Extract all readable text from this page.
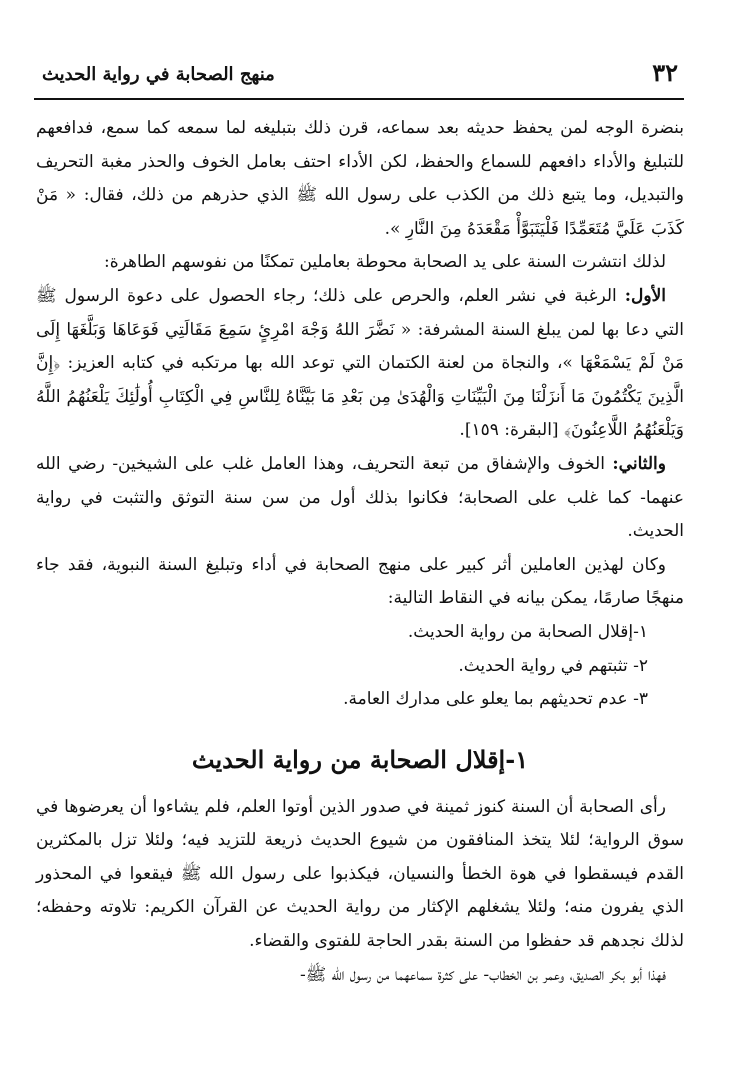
٣٢
منهج الصحابة في رواية الحديث

بنضرة الوجه لمن يحفظ حديثه بعد سماعه، قرن ذلك بتبليغه لما سمعه كما سمع، فدافعهم للتبليغ والأداء دافعهم للسماع والحفظ، لكن الأداء احتف بعامل الخوف والحذر مغبة التحريف والتبديل، وما يتبع ذلك من الكذب على رسول الله ﷺ الذي حذرهم من ذلك، فقال: « مَنْ كَذَبَ عَلَيَّ مُتَعَمِّدًا فَلْيَتَبَوَّأْ مَقْعَدَهُ مِنَ النَّارِ ».

لذلك انتشرت السنة على يد الصحابة محوطة بعاملين تمكنًا من نفوسهم الطاهرة:

الأول: الرغبة في نشر العلم، والحرص على ذلك؛ رجاء الحصول على دعوة الرسول ﷺ التي دعا بها لمن يبلغ السنة المشرفة: « نَضَّرَ اللهُ وَجْهَ امْرِئٍ سَمِعَ مَقَالَتِي فَوَعَاهَا وَبَلَّغَهَا إِلَى مَنْ لَمْ يَسْمَعْهَا »، والنجاة من لعنة الكتمان التي توعد الله بها مرتكبه في كتابه العزيز: ﴿إِنَّ الَّذِينَ يَكْتُمُونَ مَا أَنزَلْنَا مِنَ الْبَيِّنَاتِ وَالْهُدَىٰ مِن بَعْدِ مَا بَيَّنَّاهُ لِلنَّاسِ فِي الْكِتَابِ أُولَٰئِكَ يَلْعَنُهُمُ اللَّهُ وَيَلْعَنُهُمُ اللَّاعِنُونَ﴾ [البقرة: ١٥٩].

والثاني: الخوف والإشفاق من تبعة التحريف، وهذا العامل غلب على الشيخين- رضي الله عنهما- كما غلب على الصحابة؛ فكانوا بذلك أول من سن سنة التوثق والتثبت في رواية الحديث.

وكان لهذين العاملين أثر كبير على منهج الصحابة في أداء وتبليغ السنة النبوية، فقد جاء منهجًا صارمًا، يمكن بيانه في النقاط التالية:

١-إقلال الصحابة من رواية الحديث.

٢- تثبتهم في رواية الحديث.

٣- عدم تحديثهم بما يعلو على مدارك العامة.

١-إقلال الصحابة من رواية الحديث

رأى الصحابة أن السنة كنوز ثمينة في صدور الذين أوتوا العلم، فلم يشاءوا أن يعرضوها في سوق الرواية؛ لئلا يتخذ المنافقون من شيوع الحديث ذريعة للتزيد فيه؛ ولئلا تزل بالمكثرين القدم فيسقطوا في هوة الخطأ والنسيان، فيكذبوا على رسول الله ﷺ فيقعوا في المحذور الذي يفرون منه؛ ولئلا يشغلهم الإكثار من رواية الحديث عن القرآن الكريم: تلاوته وحفظه؛ لذلك نجدهم قد حفظوا من السنة بقدر الحاجة للفتوى والقضاء.

فهذا أبو بكر الصديق، وعمر بن الخطاب- على كثرة سماعهما من رسول الله ﷺ-
